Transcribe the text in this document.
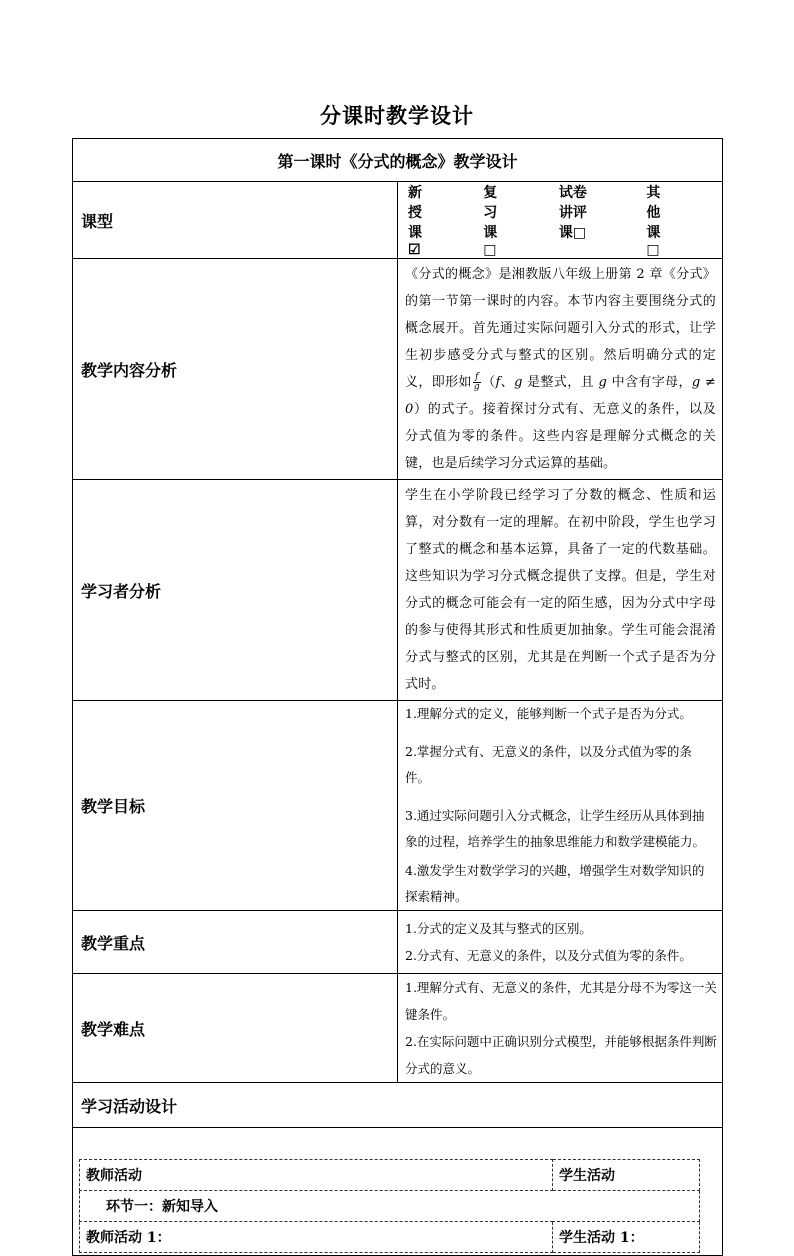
分课时教学设计
第一课时《分式的概念》教学设计
课型	
新授课☑
复习课□
试卷讲评课□
其他课□

教学内容分析	《分式的概念》是湘教版八年级上册第 2 章《分式》的第一节第一课时的内容。本节内容主要围绕分式的概念展开。首先通过实际问题引入分式的形式，让学生初步感受分式与整式的区别。然后明确分式的定义，即形如 $\frac{f}{g} (f$、g 是整式，且 g 中含有字母，g ≠ 0）的式子。接着探讨分式有、无意义的条件，以及分式值为零的条件。这些内容是理解分式概念的关键，也是后续学习分式运算的基础。
学习者分析	学生在小学阶段已经学习了分数的概念、性质和运算，对分数有一定的理解。在初中阶段，学生也学习了整式的概念和基本运算，具备了一定的代数基础。这些知识为学习分式概念提供了支撑。但是，学生对分式的概念可能会有一定的陌生感，因为分式中字母的参与使得其形式和性质更加抽象。学生可能会混淆分式与整式的区别，尤其是在判断一个式子是否为分式时。
教学目标	
1.理解分式的定义，能够判断一个式子是否为分式。
2.掌握分式有、无意义的条件，以及分式值为零的条件。
3.通过实际问题引入分式概念，让学生经历从具体到抽象的过程，培养学生的抽象思维能力和数学建模能力。
4.激发学生对数学学习的兴趣，增强学生对数学知识的探索精神。

教学重点	
1.分式的定义及其与整式的区别。
2.分式有、无意义的条件，以及分式值为零的条件。

教学难点	
1.理解分式有、无意义的条件，尤其是分母不为零这一关键条件。
2.在实际问题中正确识别分式模型，并能够根据条件判断分式的意义。

学习活动设计

教师活动	学生活动
环节一：新知导入
教师活动 1：	学生活动 1：
